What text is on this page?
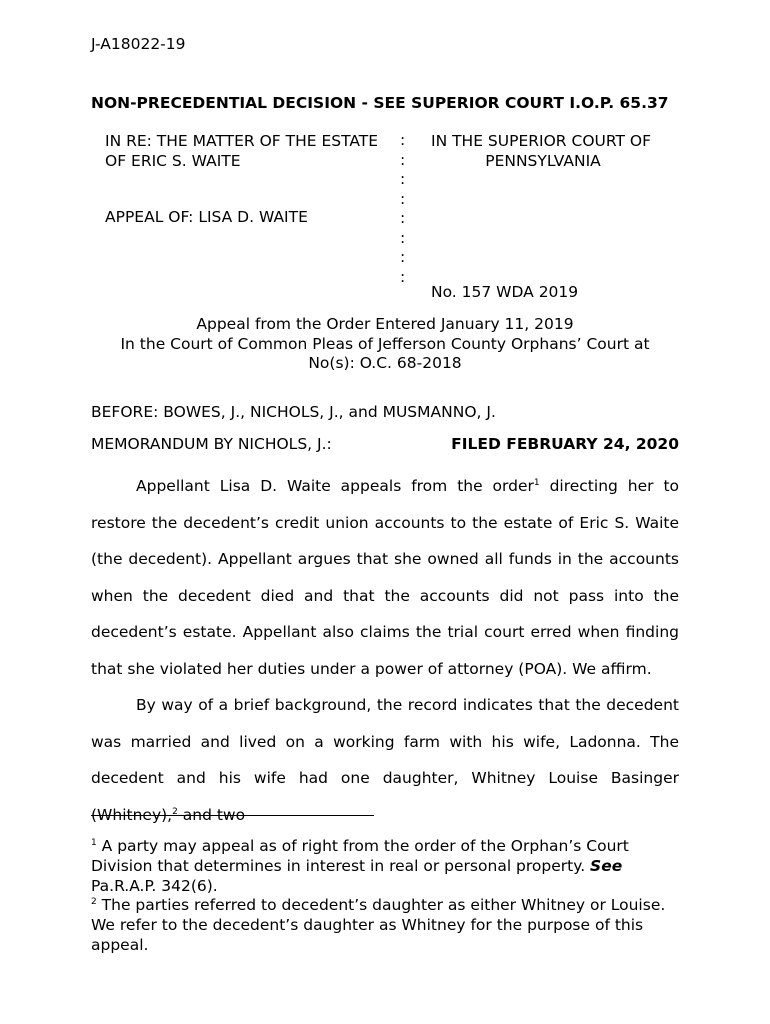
J-A18022-19
NON-PRECEDENTIAL DECISION - SEE SUPERIOR COURT I.O.P. 65.37
IN RE: THE MATTER OF THE ESTATE
OF ERIC S. WAITE
APPEAL OF: LISA D. WAITE
:
:
:
:
:
:
:
:
IN THE SUPERIOR COURT OF
PENNSYLVANIA
No. 157 WDA 2019
Appeal from the Order Entered January 11, 2019
In the Court of Common Pleas of Jefferson County Orphans’ Court at
No(s): O.C. 68-2018
BEFORE: BOWES, J., NICHOLS, J., and MUSMANNO, J.
MEMORANDUM BY NICHOLS, J.:	FILED FEBRUARY 24, 2020

Appellant Lisa D. Waite appeals from the order$^1$ directing her to restore the decedent’s credit union accounts to the estate of Eric S. Waite (the decedent). Appellant argues that she owned all funds in the accounts when the decedent died and that the accounts did not pass into the decedent’s estate. Appellant also claims the trial court erred when finding that she violated her duties under a power of attorney (POA). We affirm.

By way of a brief background, the record indicates that the decedent was married and lived on a working farm with his wife, Ladonna. The decedent and his wife had one daughter, Whitney Louise Basinger (Whitney),$^2$ and two

$^1$ A party may appeal as of right from the order of the Orphan’s Court Division that determines in interest in real or personal property. See Pa.R.A.P. 342(6).
$^2$ The parties referred to decedent’s daughter as either Whitney or Louise. We refer to the decedent’s daughter as Whitney for the purpose of this appeal.
